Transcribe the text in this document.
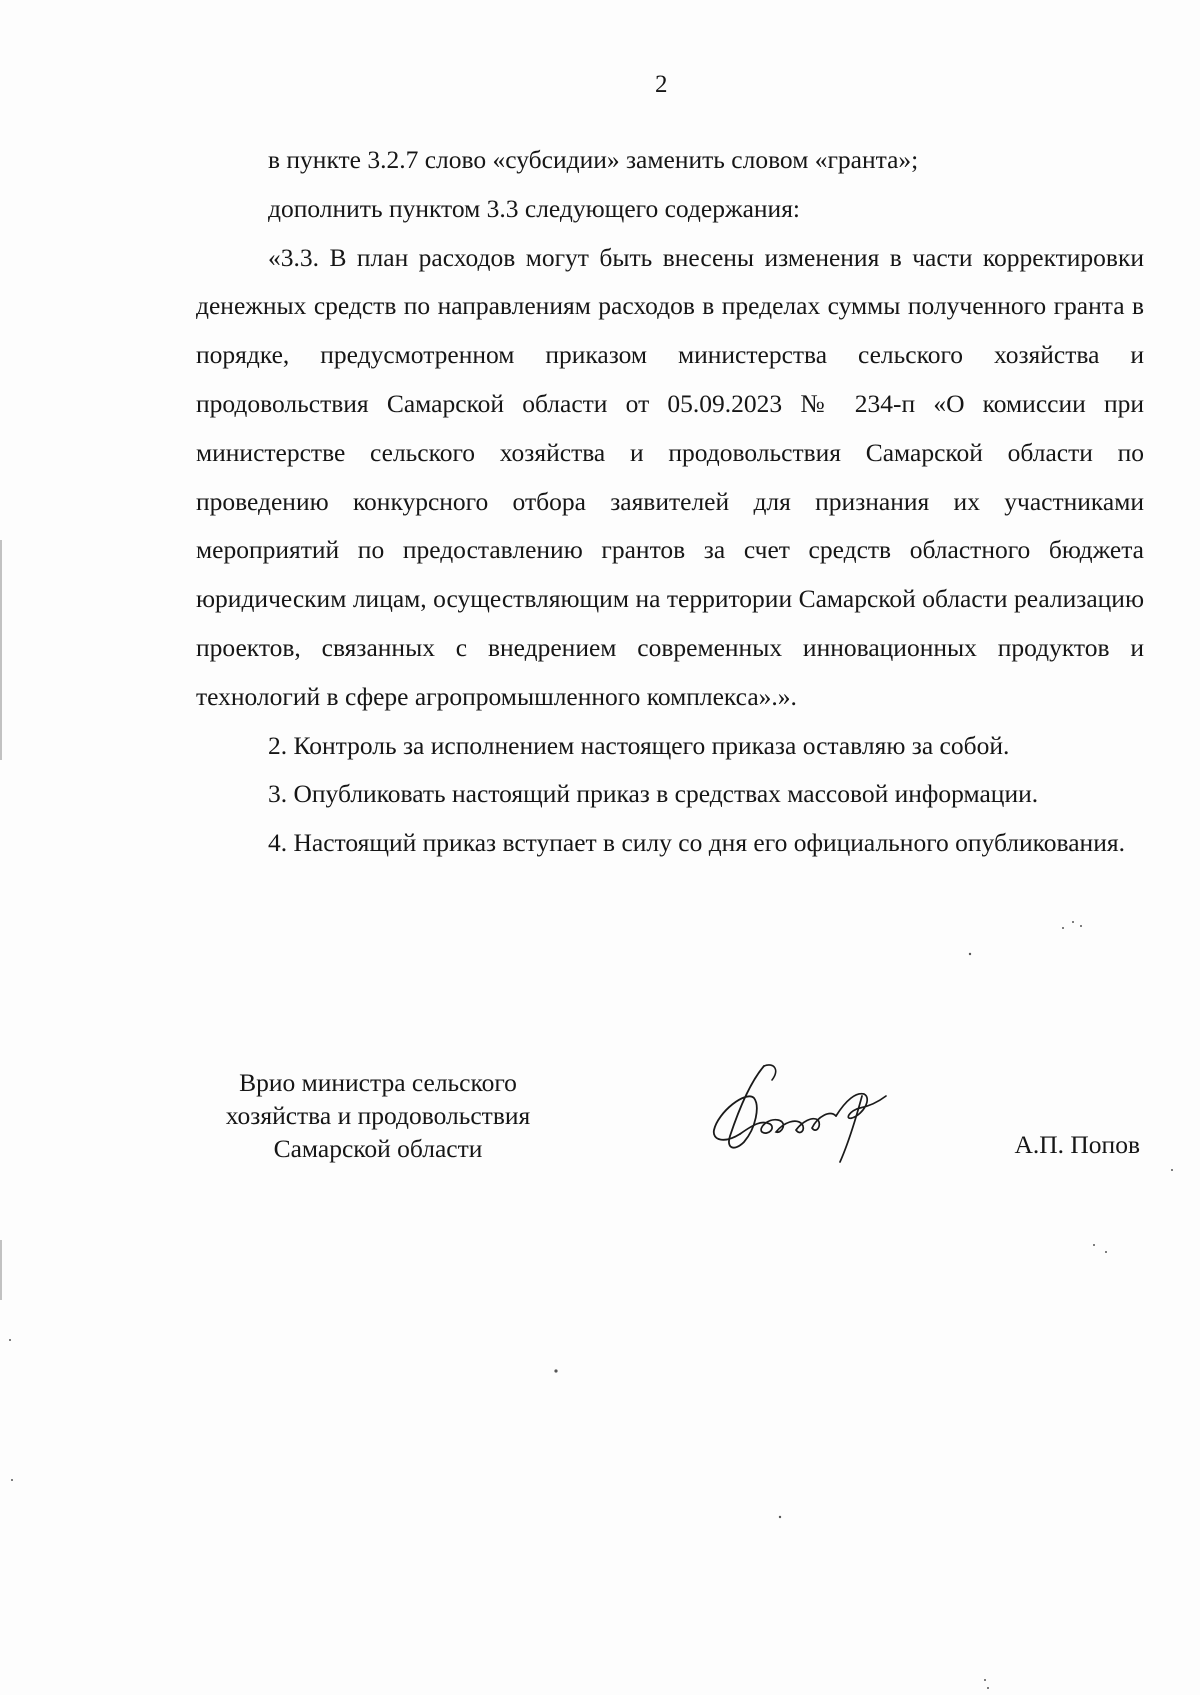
2

в пункте 3.2.7 слово «субсидии» заменить словом «гранта»;

дополнить пунктом 3.3 следующего содержания:

«3.3. В план расходов могут быть внесены изменения в части корректировки денежных средств по направлениям расходов в пределах суммы полученного гранта в порядке, предусмотренном приказом министерства сельского хозяйства и продовольствия Самарской области от 05.09.2023 № 234-п «О комиссии при министерстве сельского хозяйства и продовольствия Самарской области по проведению конкурсного отбора заявителей для признания их участниками мероприятий по предоставлению грантов за счет средств областного бюджета юридическим лицам, осуществляющим на территории Самарской области реализацию проектов, связанных с внедрением современных инновационных продуктов и технологий в сфере агропромышленного комплекса».».

2. Контроль за исполнением настоящего приказа оставляю за собой.

3. Опубликовать настоящий приказ в средствах массовой информации.

4. Настоящий приказ вступает в силу со дня его официального опубликования.

Врио министра сельского
хозяйства и продовольствия
Самарской области	А.П. Попов
